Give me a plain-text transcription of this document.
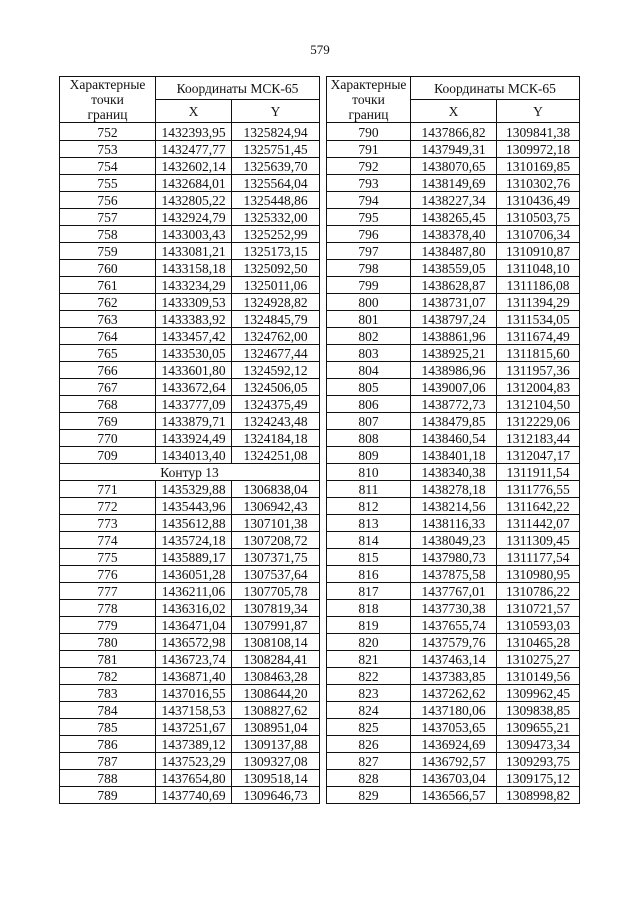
579
Характерные
точки
границ	Координаты МСК-65			Характерные
точки
границ	Координаты МСК-65	
	X	Y			X	Y
752	1432393,95	1325824,94		790	1437866,82	1309841,38
753	1432477,77	1325751,45		791	1437949,31	1309972,18
754	1432602,14	1325639,70		792	1438070,65	1310169,85
755	1432684,01	1325564,04		793	1438149,69	1310302,76
756	1432805,22	1325448,86		794	1438227,34	1310436,49
757	1432924,79	1325332,00		795	1438265,45	1310503,75
758	1433003,43	1325252,99		796	1438378,40	1310706,34
759	1433081,21	1325173,15		797	1438487,80	1310910,87
760	1433158,18	1325092,50		798	1438559,05	1311048,10
761	1433234,29	1325011,06		799	1438628,87	1311186,08
762	1433309,53	1324928,82		800	1438731,07	1311394,29
763	1433383,92	1324845,79		801	1438797,24	1311534,05
764	1433457,42	1324762,00		802	1438861,96	1311674,49
765	1433530,05	1324677,44		803	1438925,21	1311815,60
766	1433601,80	1324592,12		804	1438986,96	1311957,36
767	1433672,64	1324506,05		805	1439007,06	1312004,83
768	1433777,09	1324375,49		806	1438772,73	1312104,50
769	1433879,71	1324243,48		807	1438479,85	1312229,06
770	1433924,49	1324184,18		808	1438460,54	1312183,44
709	1434013,40	1324251,08		809	1438401,18	1312047,17
Контур 13				810	1438340,38	1311911,54
771	1435329,88	1306838,04		811	1438278,18	1311776,55
772	1435443,96	1306942,43		812	1438214,56	1311642,22
773	1435612,88	1307101,38		813	1438116,33	1311442,07
774	1435724,18	1307208,72		814	1438049,23	1311309,45
775	1435889,17	1307371,75		815	1437980,73	1311177,54
776	1436051,28	1307537,64		816	1437875,58	1310980,95
777	1436211,06	1307705,78		817	1437767,01	1310786,22
778	1436316,02	1307819,34		818	1437730,38	1310721,57
779	1436471,04	1307991,87		819	1437655,74	1310593,03
780	1436572,98	1308108,14		820	1437579,76	1310465,28
781	1436723,74	1308284,41		821	1437463,14	1310275,27
782	1436871,40	1308463,28		822	1437383,85	1310149,56
783	1437016,55	1308644,20		823	1437262,62	1309962,45
784	1437158,53	1308827,62		824	1437180,06	1309838,85
785	1437251,67	1308951,04		825	1437053,65	1309655,21
786	1437389,12	1309137,88		826	1436924,69	1309473,34
787	1437523,29	1309327,08		827	1436792,57	1309293,75
788	1437654,80	1309518,14		828	1436703,04	1309175,12
789	1437740,69	1309646,73		829	1436566,57	1308998,82
